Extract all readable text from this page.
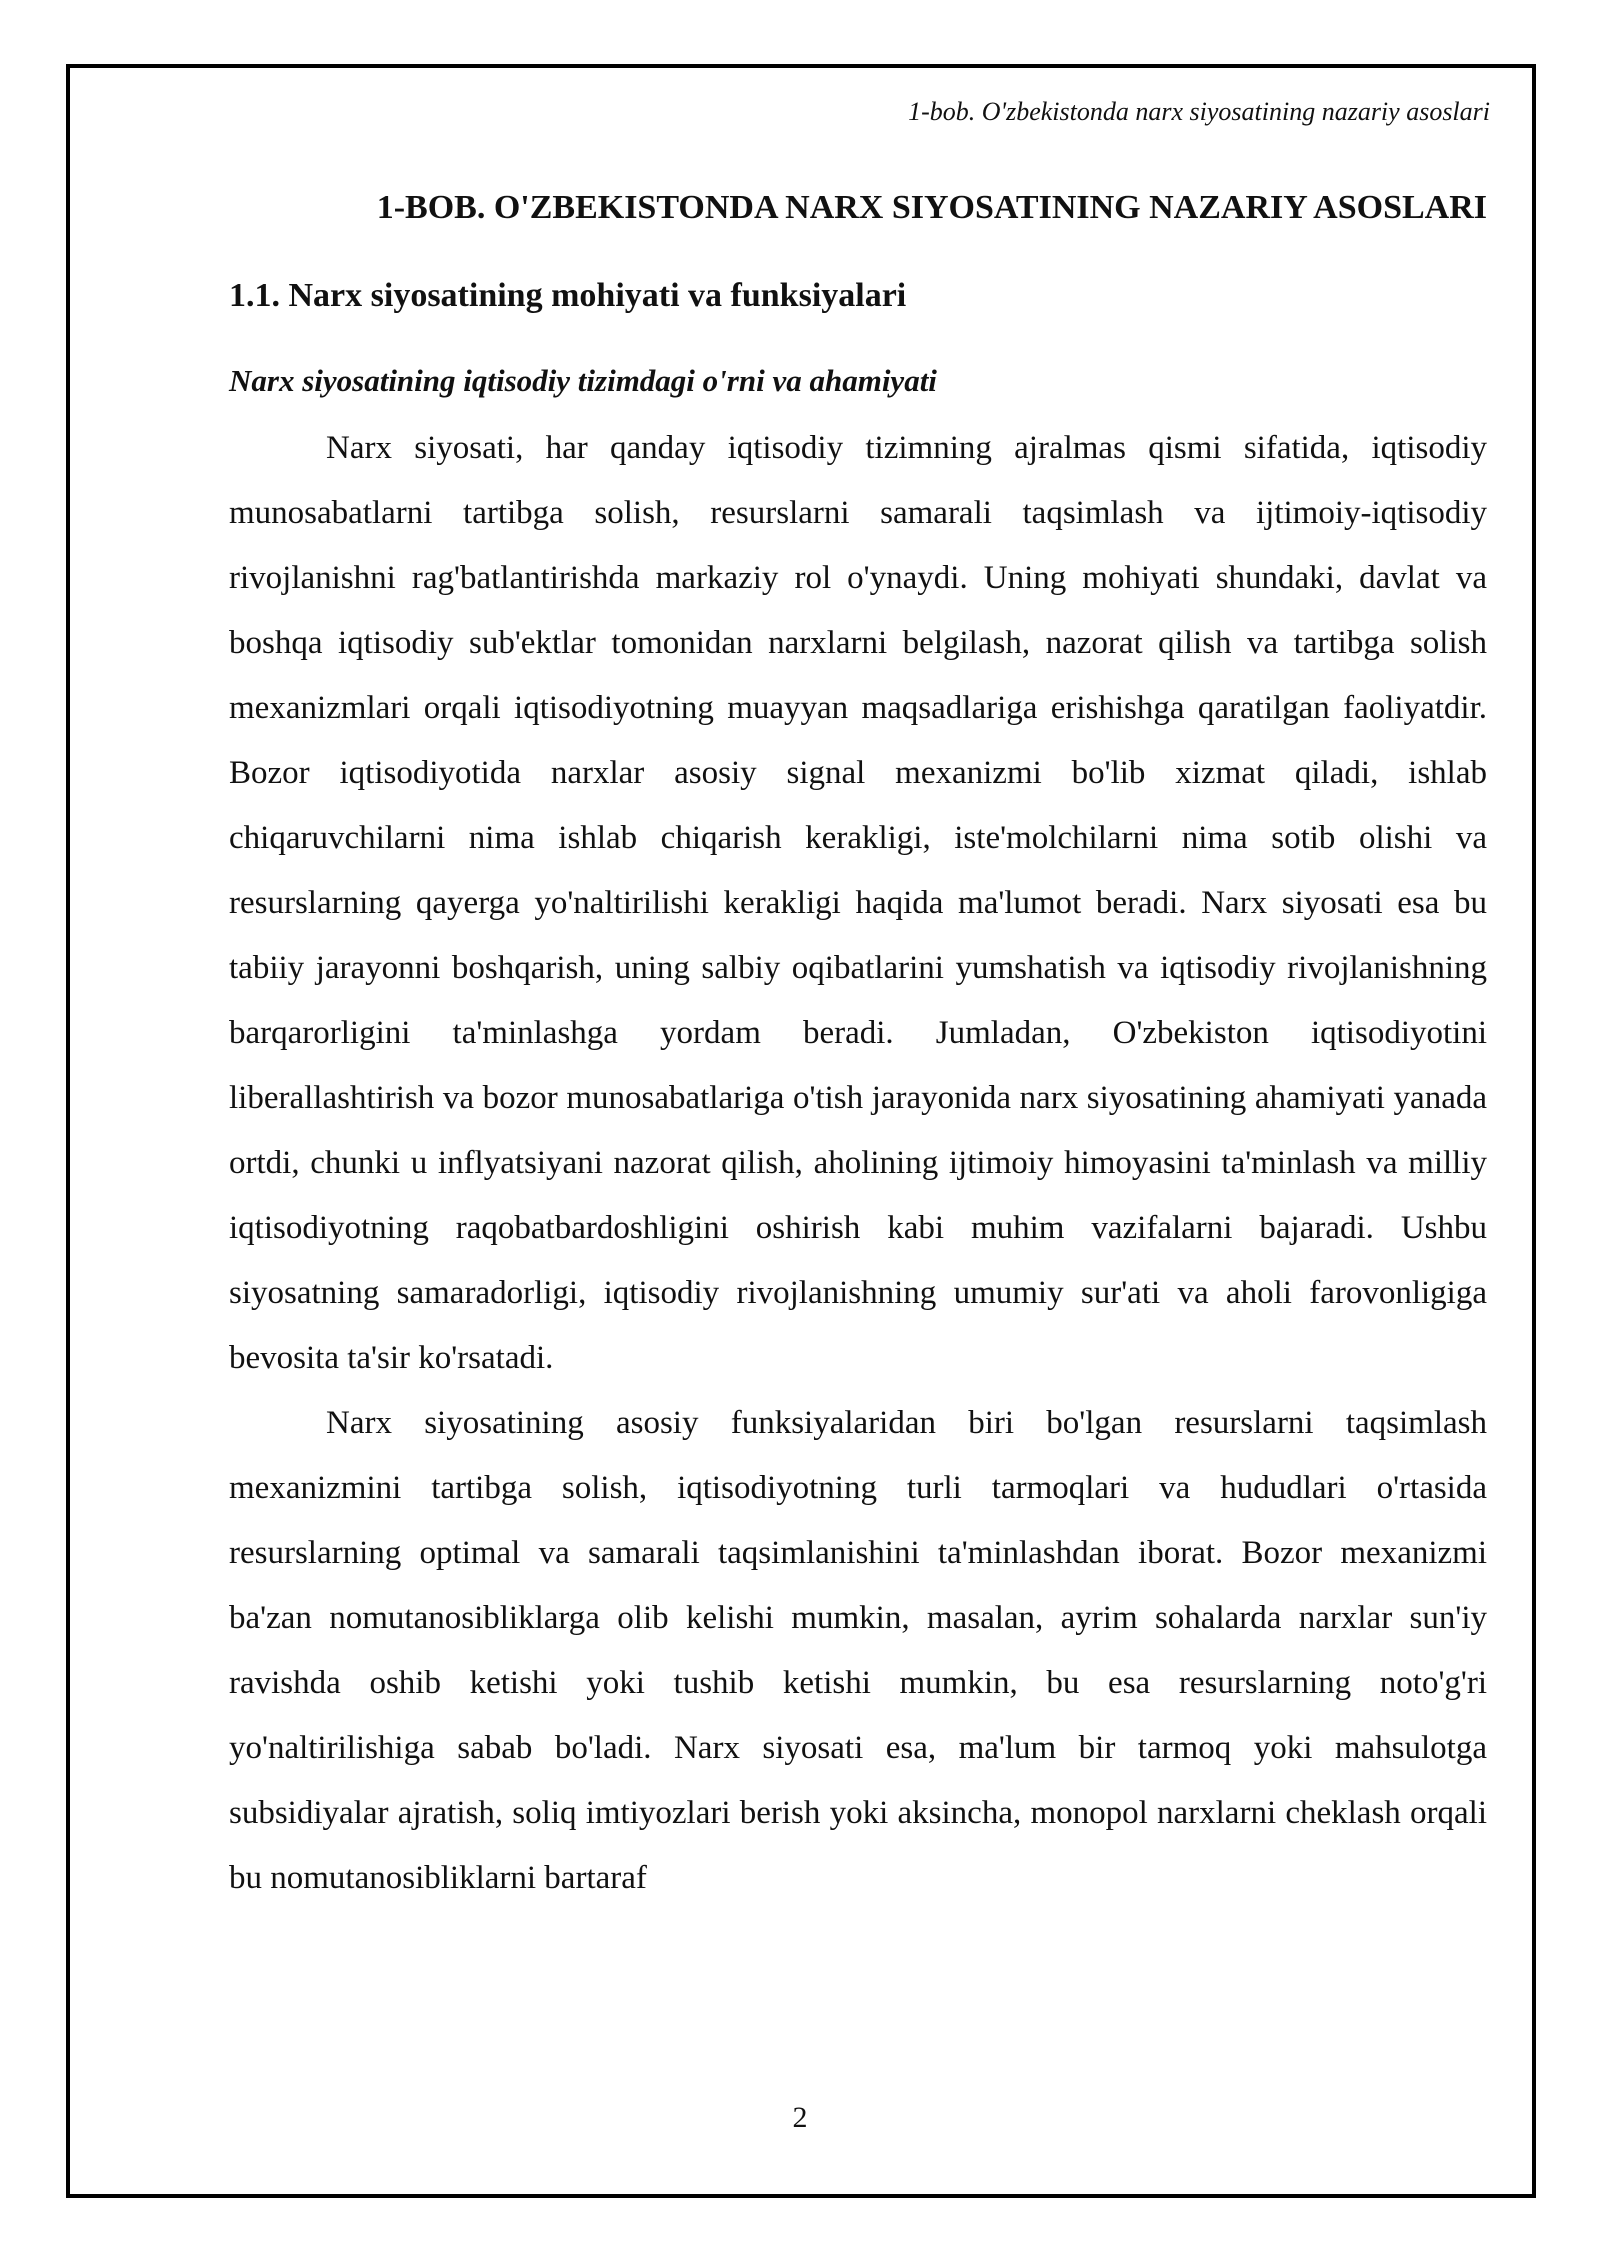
1-bob. O'zbekistonda narx siyosatining nazariy asoslari
1-BOB. O'ZBEKISTONDA NARX SIYOSATINING NAZARIY ASOSLARI
1.1. Narx siyosatining mohiyati va funksiyalari
Narx siyosatining iqtisodiy tizimdagi o'rni va ahamiyati

Narx siyosati, har qanday iqtisodiy tizimning ajralmas qismi sifatida, iqtisodiy munosabatlarni tartibga solish, resurslarni samarali taqsimlash va ijtimoiy-iqtisodiy rivojlanishni rag'batlantirishda markaziy rol o'ynaydi. Uning mohiyati shundaki, davlat va boshqa iqtisodiy sub'ektlar tomonidan narxlarni belgilash, nazorat qilish va tartibga solish mexanizmlari orqali iqtisodiyotning muayyan maqsadlariga erishishga qaratilgan faoliyatdir. Bozor iqtisodiyotida narxlar asosiy signal mexanizmi bo'lib xizmat qiladi, ishlab chiqaruvchilarni nima ishlab chiqarish kerakligi, iste'molchilarni nima sotib olishi va resurslarning qayerga yo'naltirilishi kerakligi haqida ma'lumot beradi. Narx siyosati esa bu tabiiy jarayonni boshqarish, uning salbiy oqibatlarini yumshatish va iqtisodiy rivojlanishning barqarorligini ta'minlashga yordam beradi. Jumladan, O'zbekiston iqtisodiyotini liberallashtirish va bozor munosabatlariga o'tish jarayonida narx siyosatining ahamiyati yanada ortdi, chunki u inflyatsiyani nazorat qilish, aholining ijtimoiy himoyasini ta'minlash va milliy iqtisodiyotning raqobatbardoshligini oshirish kabi muhim vazifalarni bajaradi. Ushbu siyosatning samaradorligi, iqtisodiy rivojlanishning umumiy sur'ati va aholi farovonligiga bevosita ta'sir ko'rsatadi.

Narx siyosatining asosiy funksiyalaridan biri bo'lgan resurslarni taqsimlash mexanizmini tartibga solish, iqtisodiyotning turli tarmoqlari va hududlari o'rtasida resurslarning optimal va samarali taqsimlanishini ta'minlashdan iborat. Bozor mexanizmi ba'zan nomutanosibliklarga olib kelishi mumkin, masalan, ayrim sohalarda narxlar sun'iy ravishda oshib ketishi yoki tushib ketishi mumkin, bu esa resurslarning noto'g'ri yo'naltirilishiga sabab bo'ladi. Narx siyosati esa, ma'lum bir tarmoq yoki mahsulotga subsidiyalar ajratish, soliq imtiyozlari berish yoki aksincha, monopol narxlarni cheklash orqali bu nomutanosibliklarni bartaraf

2
